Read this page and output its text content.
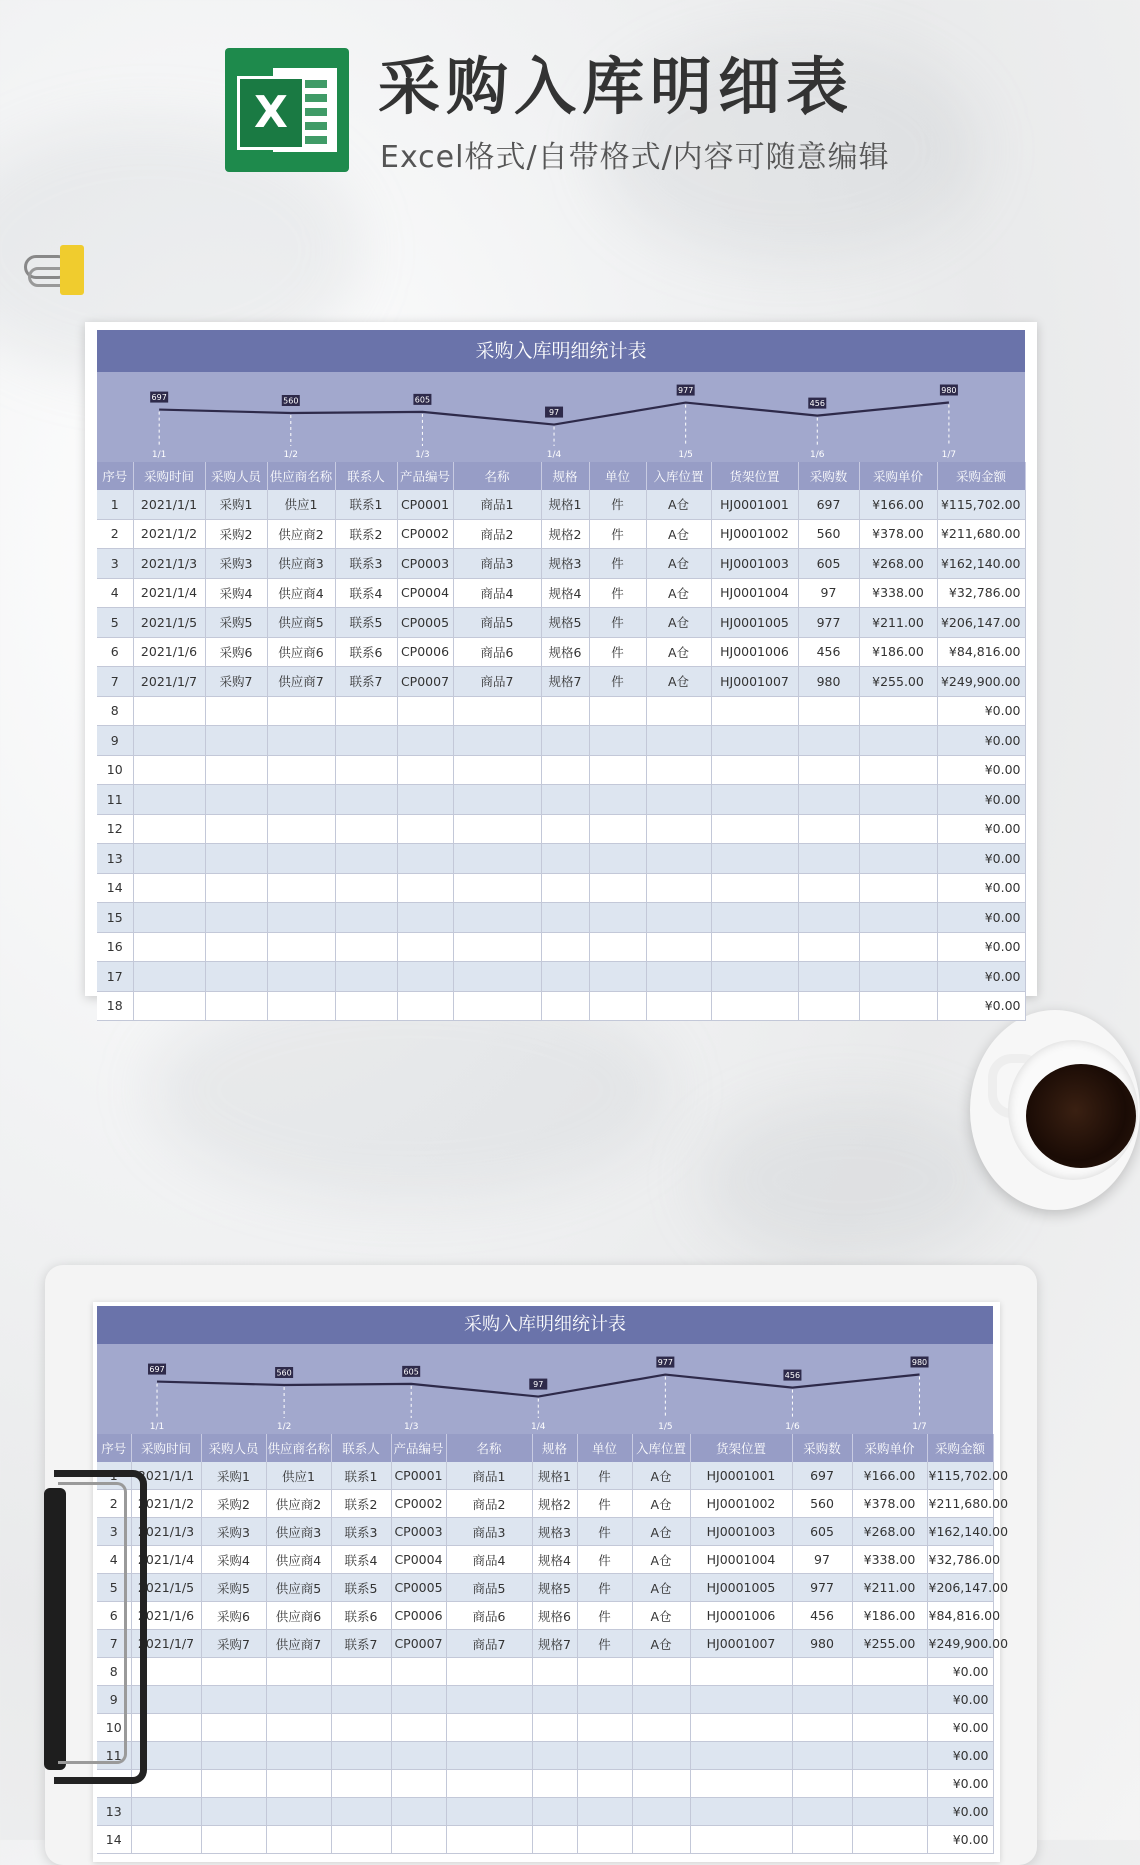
X 采购入库明细表
Excel格式/自带格式/内容可随意编辑
采购入库明细统计表
697
1/1
560
1/2
605
1/3
97
1/4
977
1/5
456
1/6
980
1/7
序号	采购时间	采购人员	供应商名称	联系人	产品编号	名称	规格	单位	入库位置	货架位置	采购数	采购单价	采购金额
1	2021/1/1	采购1	供应1	联系1	CP0001	商品1	规格1	件	A仓	HJ0001001	697	¥166.00	¥115,702.00
2	2021/1/2	采购2	供应商2	联系2	CP0002	商品2	规格2	件	A仓	HJ0001002	560	¥378.00	¥211,680.00
3	2021/1/3	采购3	供应商3	联系3	CP0003	商品3	规格3	件	A仓	HJ0001003	605	¥268.00	¥162,140.00
4	2021/1/4	采购4	供应商4	联系4	CP0004	商品4	规格4	件	A仓	HJ0001004	97	¥338.00	¥32,786.00
5	2021/1/5	采购5	供应商5	联系5	CP0005	商品5	规格5	件	A仓	HJ0001005	977	¥211.00	¥206,147.00
6	2021/1/6	采购6	供应商6	联系6	CP0006	商品6	规格6	件	A仓	HJ0001006	456	¥186.00	¥84,816.00
7	2021/1/7	采购7	供应商7	联系7	CP0007	商品7	规格7	件	A仓	HJ0001007	980	¥255.00	¥249,900.00
8													¥0.00
9													¥0.00
10													¥0.00
11													¥0.00
12													¥0.00
13													¥0.00
14													¥0.00
15													¥0.00
16													¥0.00
17													¥0.00
18													¥0.00
采购入库明细统计表
697
1/1
560
1/2
605
1/3
97
1/4
977
1/5
456
1/6
980
1/7
序号	采购时间	采购人员	供应商名称	联系人	产品编号	名称	规格	单位	入库位置	货架位置	采购数	采购单价	采购金额
1	2021/1/1	采购1	供应1	联系1	CP0001	商品1	规格1	件	A仓	HJ0001001	697	¥166.00	¥115,702.00
2	2021/1/2	采购2	供应商2	联系2	CP0002	商品2	规格2	件	A仓	HJ0001002	560	¥378.00	¥211,680.00
3	2021/1/3	采购3	供应商3	联系3	CP0003	商品3	规格3	件	A仓	HJ0001003	605	¥268.00	¥162,140.00
4	2021/1/4	采购4	供应商4	联系4	CP0004	商品4	规格4	件	A仓	HJ0001004	97	¥338.00	¥32,786.00
5	2021/1/5	采购5	供应商5	联系5	CP0005	商品5	规格5	件	A仓	HJ0001005	977	¥211.00	¥206,147.00
6	2021/1/6	采购6	供应商6	联系6	CP0006	商品6	规格6	件	A仓	HJ0001006	456	¥186.00	¥84,816.00
7	2021/1/7	采购7	供应商7	联系7	CP0007	商品7	规格7	件	A仓	HJ0001007	980	¥255.00	¥249,900.00
8													¥0.00
9													¥0.00
10													¥0.00
11													¥0.00
													¥0.00
13													¥0.00
14													¥0.00
